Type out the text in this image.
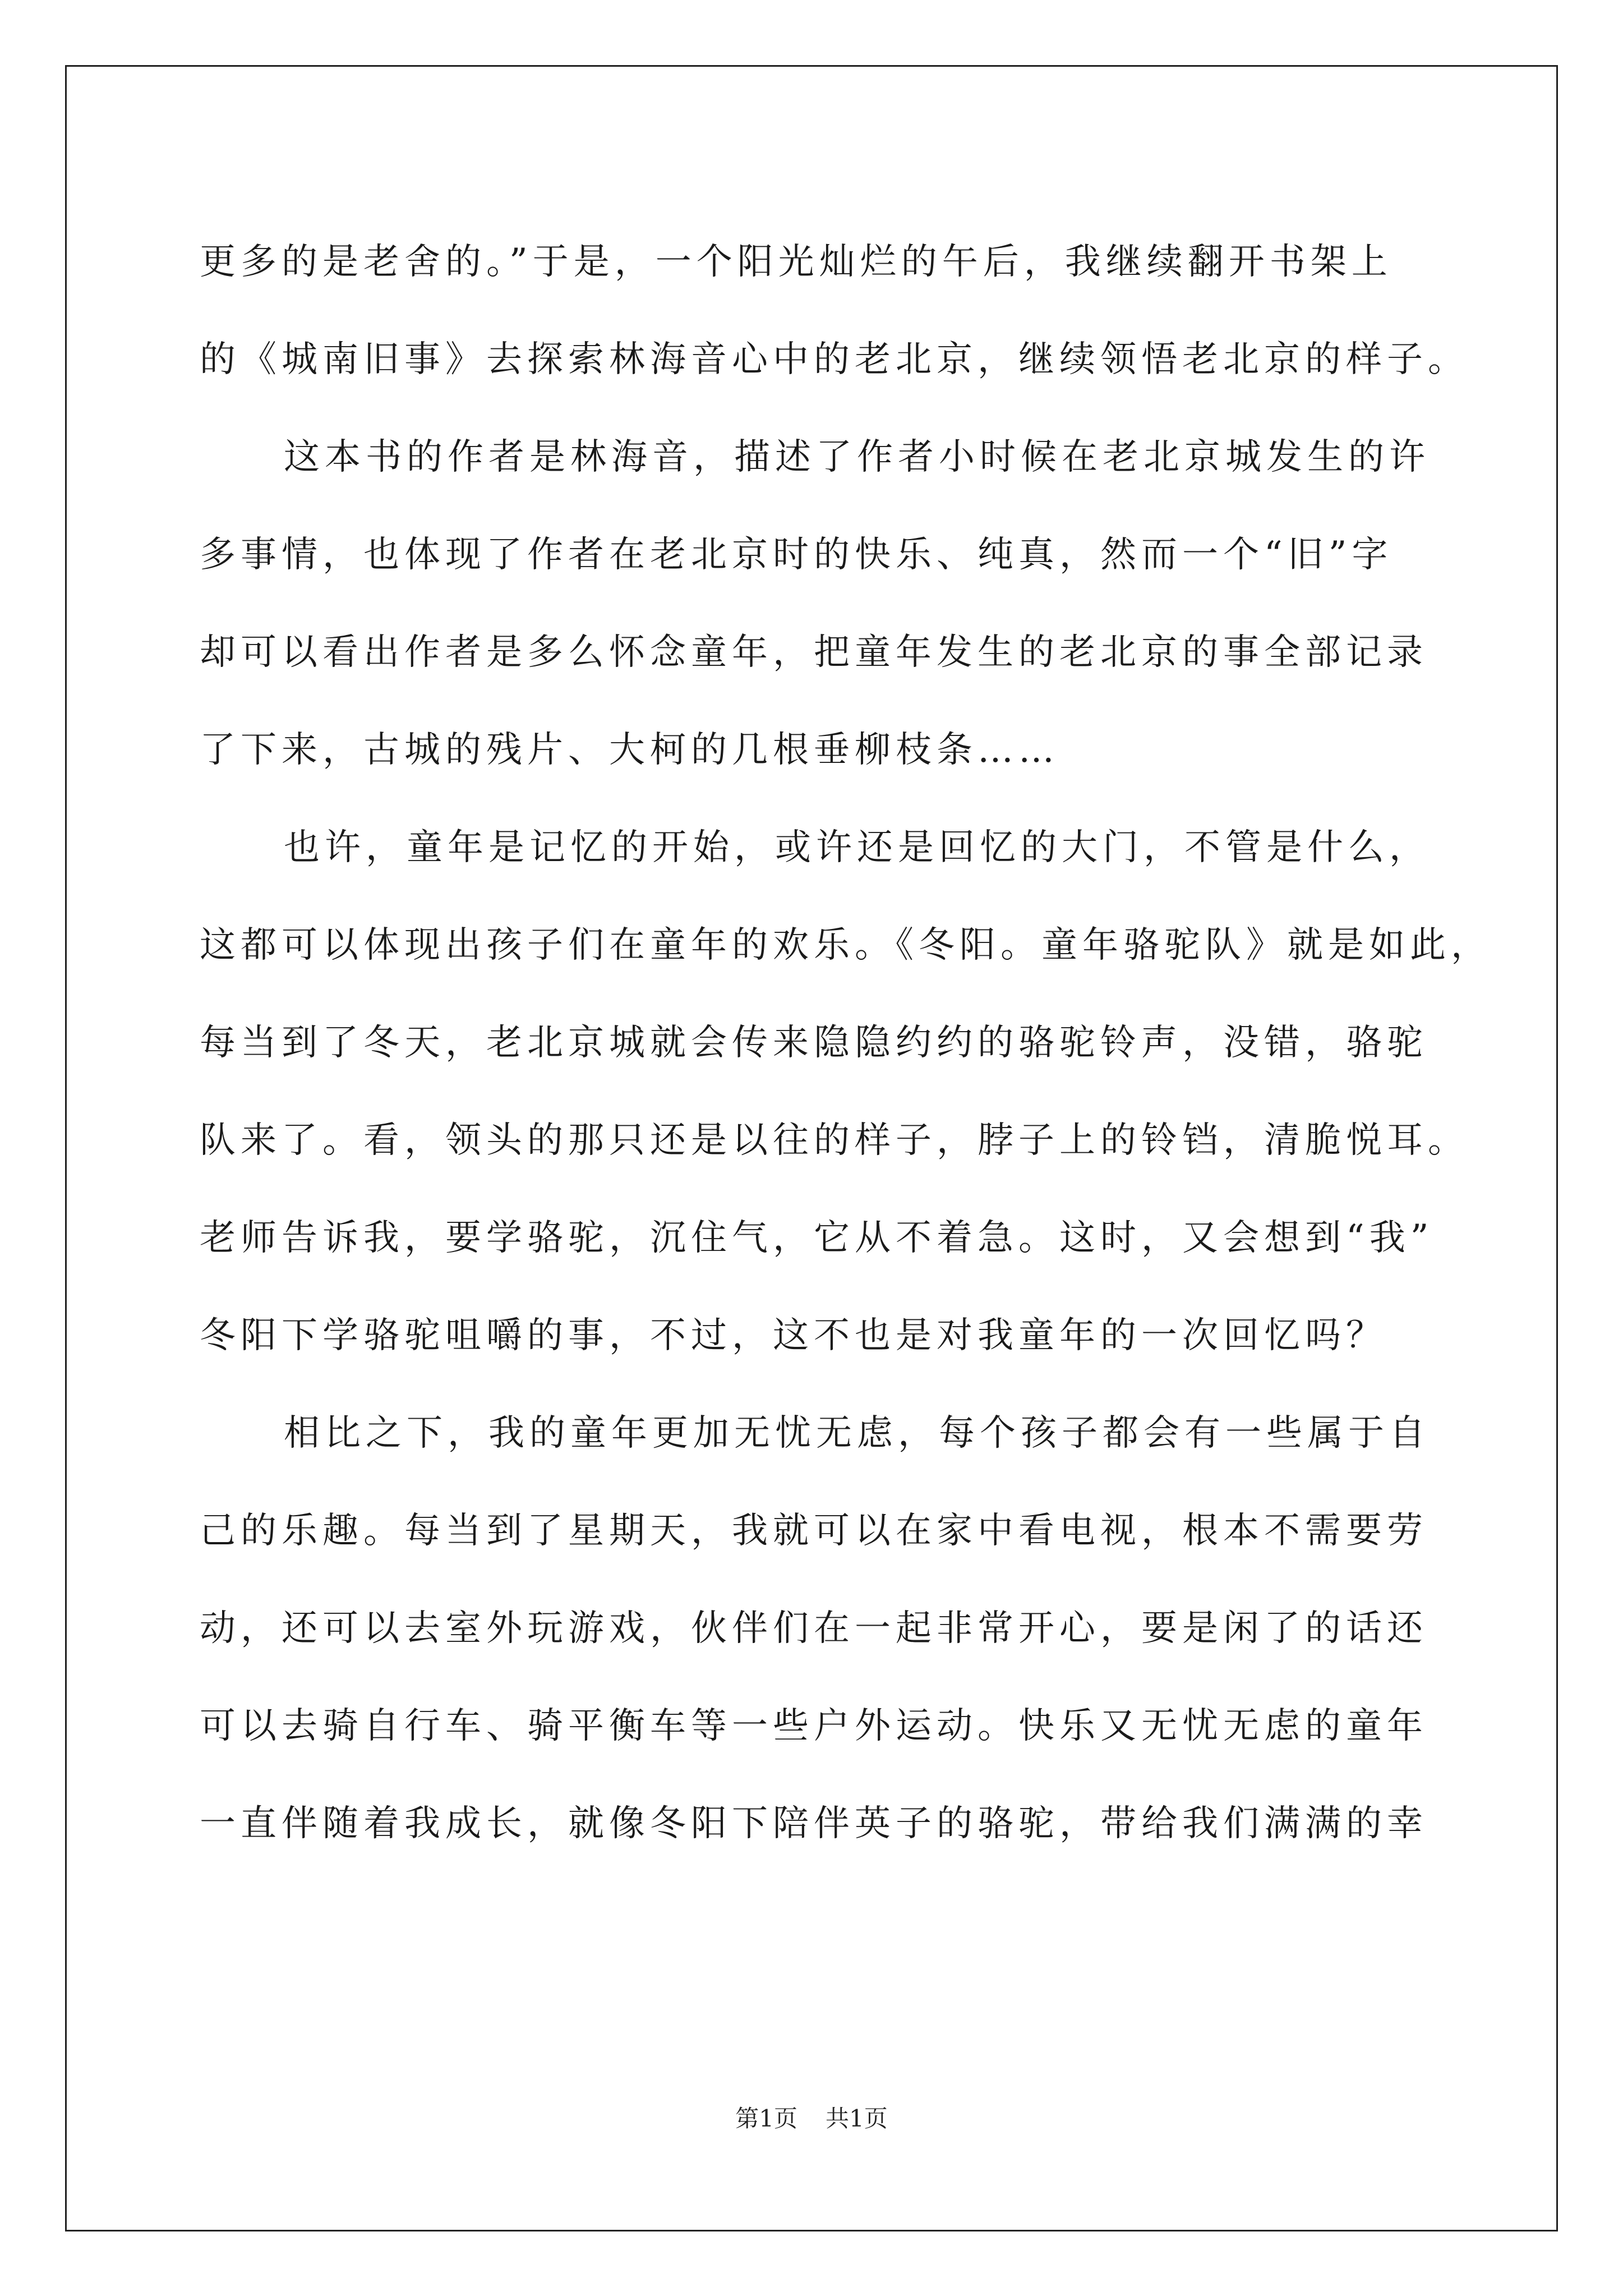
更多的是老舍的。”于是，一个阳光灿烂的午后，我继续翻开书架上
的《城南旧事》去探索林海音心中的老北京，继续领悟老北京的样子。
这本书的作者是林海音，描述了作者小时候在老北京城发生的许
多事情，也体现了作者在老北京时的快乐、纯真，然而一个“旧”字
却可以看出作者是多么怀念童年，把童年发生的老北京的事全部记录
了下来，古城的残片、大柯的几根垂柳枝条……
也许，童年是记忆的开始，或许还是回忆的大门，不管是什么，
这都可以体现出孩子们在童年的欢乐。《冬阳。童年骆驼队》就是如此，
每当到了冬天，老北京城就会传来隐隐约约的骆驼铃声，没错，骆驼
队来了。看，领头的那只还是以往的样子，脖子上的铃铛，清脆悦耳。
老师告诉我，要学骆驼，沉住气，它从不着急。这时，又会想到“我”
冬阳下学骆驼咀嚼的事，不过，这不也是对我童年的一次回忆吗？
相比之下，我的童年更加无忧无虑，每个孩子都会有一些属于自
己的乐趣。每当到了星期天，我就可以在家中看电视，根本不需要劳
动，还可以去室外玩游戏，伙伴们在一起非常开心，要是闲了的话还
可以去骑自行车、骑平衡车等一些户外运动。快乐又无忧无虑的童年
一直伴随着我成长，就像冬阳下陪伴英子的骆驼，带给我们满满的幸
第1页 共1页
